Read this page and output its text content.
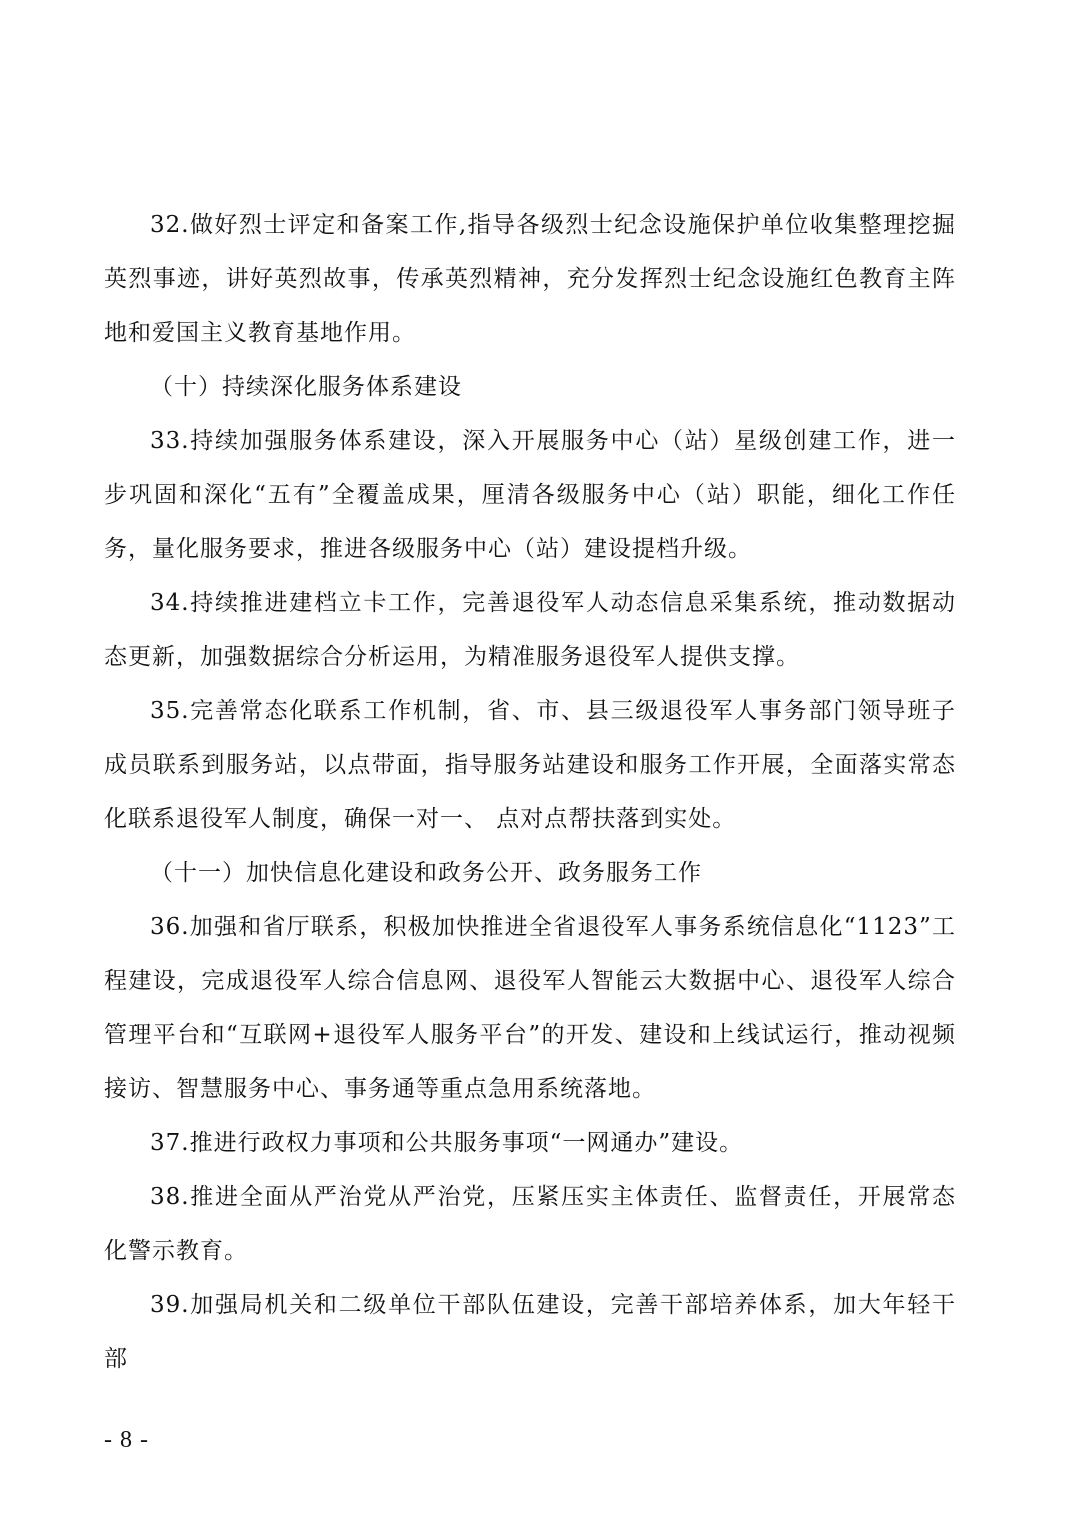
32.做好烈士评定和备案工作,指导各级烈士纪念设施保护单位收集整理挖掘英烈事迹，讲好英烈故事，传承英烈精神，充分发挥烈士纪念设施红色教育主阵地和爱国主义教育基地作用。

（十）持续深化服务体系建设

33.持续加强服务体系建设，深入开展服务中心（站）星级创建工作，进一步巩固和深化“五有”全覆盖成果，厘清各级服务中心（站）职能，细化工作任务，量化服务要求，推进各级服务中心（站）建设提档升级。

34.持续推进建档立卡工作，完善退役军人动态信息采集系统，推动数据动态更新，加强数据综合分析运用，为精准服务退役军人提供支撑。

35.完善常态化联系工作机制，省、市、县三级退役军人事务部门领导班子成员联系到服务站，以点带面，指导服务站建设和服务工作开展，全面落实常态化联系退役军人制度，确保一对一、 点对点帮扶落到实处。

（十一）加快信息化建设和政务公开、政务服务工作

36.加强和省厅联系，积极加快推进全省退役军人事务系统信息化“1123”工程建设，完成退役军人综合信息网、退役军人智能云大数据中心、退役军人综合管理平台和“互联网+退役军人服务平台”的开发、建设和上线试运行，推动视频接访、智慧服务中心、事务通等重点急用系统落地。

37.推进行政权力事项和公共服务事项“一网通办”建设。

38.推进全面从严治党从严治党，压紧压实主体责任、监督责任，开展常态化警示教育。

39.加强局机关和二级单位干部队伍建设，完善干部培养体系，加大年轻干部

- 8 -
